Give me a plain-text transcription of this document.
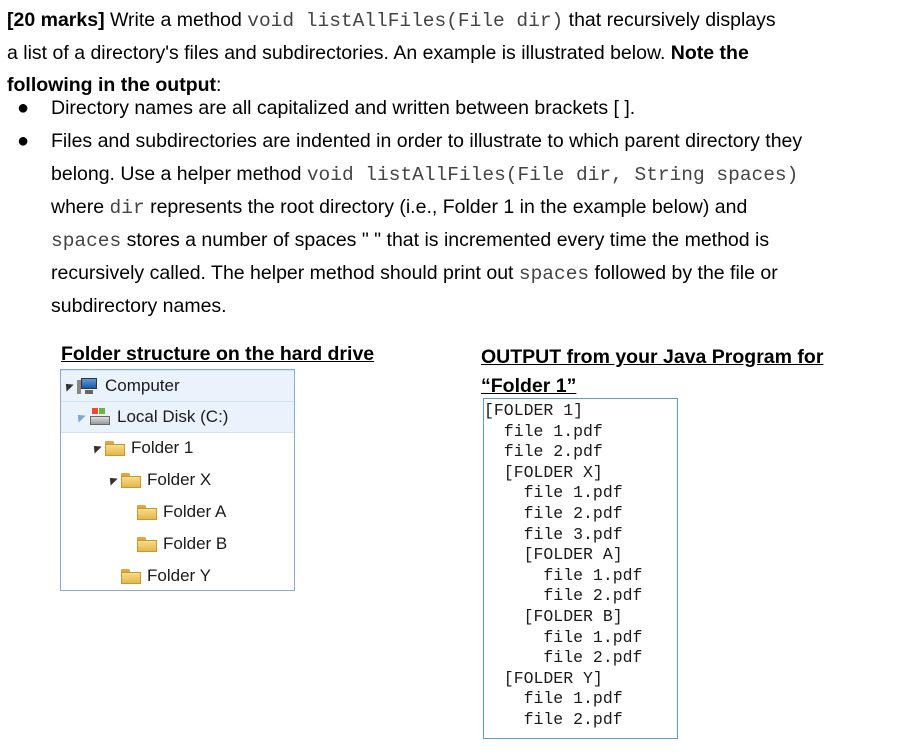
[20 marks] Write a method void listAllFiles(File dir) that recursively displays
a list of a directory's files and subdirectories. An example is illustrated below. Note the
following in the output:
● Directory names are all capitalized and written between brackets [ ].
● Files and subdirectories are indented in order to illustrate to which parent directory they
belong. Use a helper method void listAllFiles(File dir, String spaces)
where dir represents the root directory (i.e., Folder 1 in the example below) and
spaces stores a number of spaces " " that is incremented every time the method is
recursively called. The helper method should print out spaces followed by the file or
subdirectory names.
Folder structure on the hard drive	OUTPUT from your Java Program for
“Folder 1”
Computer
Local Disk (C:)
Folder 1
Folder X
Folder A
Folder B
Folder Y
[FOLDER 1]
file 1.pdf
file 2.pdf
[FOLDER X]
file 1.pdf
file 2.pdf
file 3.pdf
[FOLDER A]
file 1.pdf
file 2.pdf
[FOLDER B]
file 1.pdf
file 2.pdf
[FOLDER Y]
file 1.pdf
file 2.pdf
